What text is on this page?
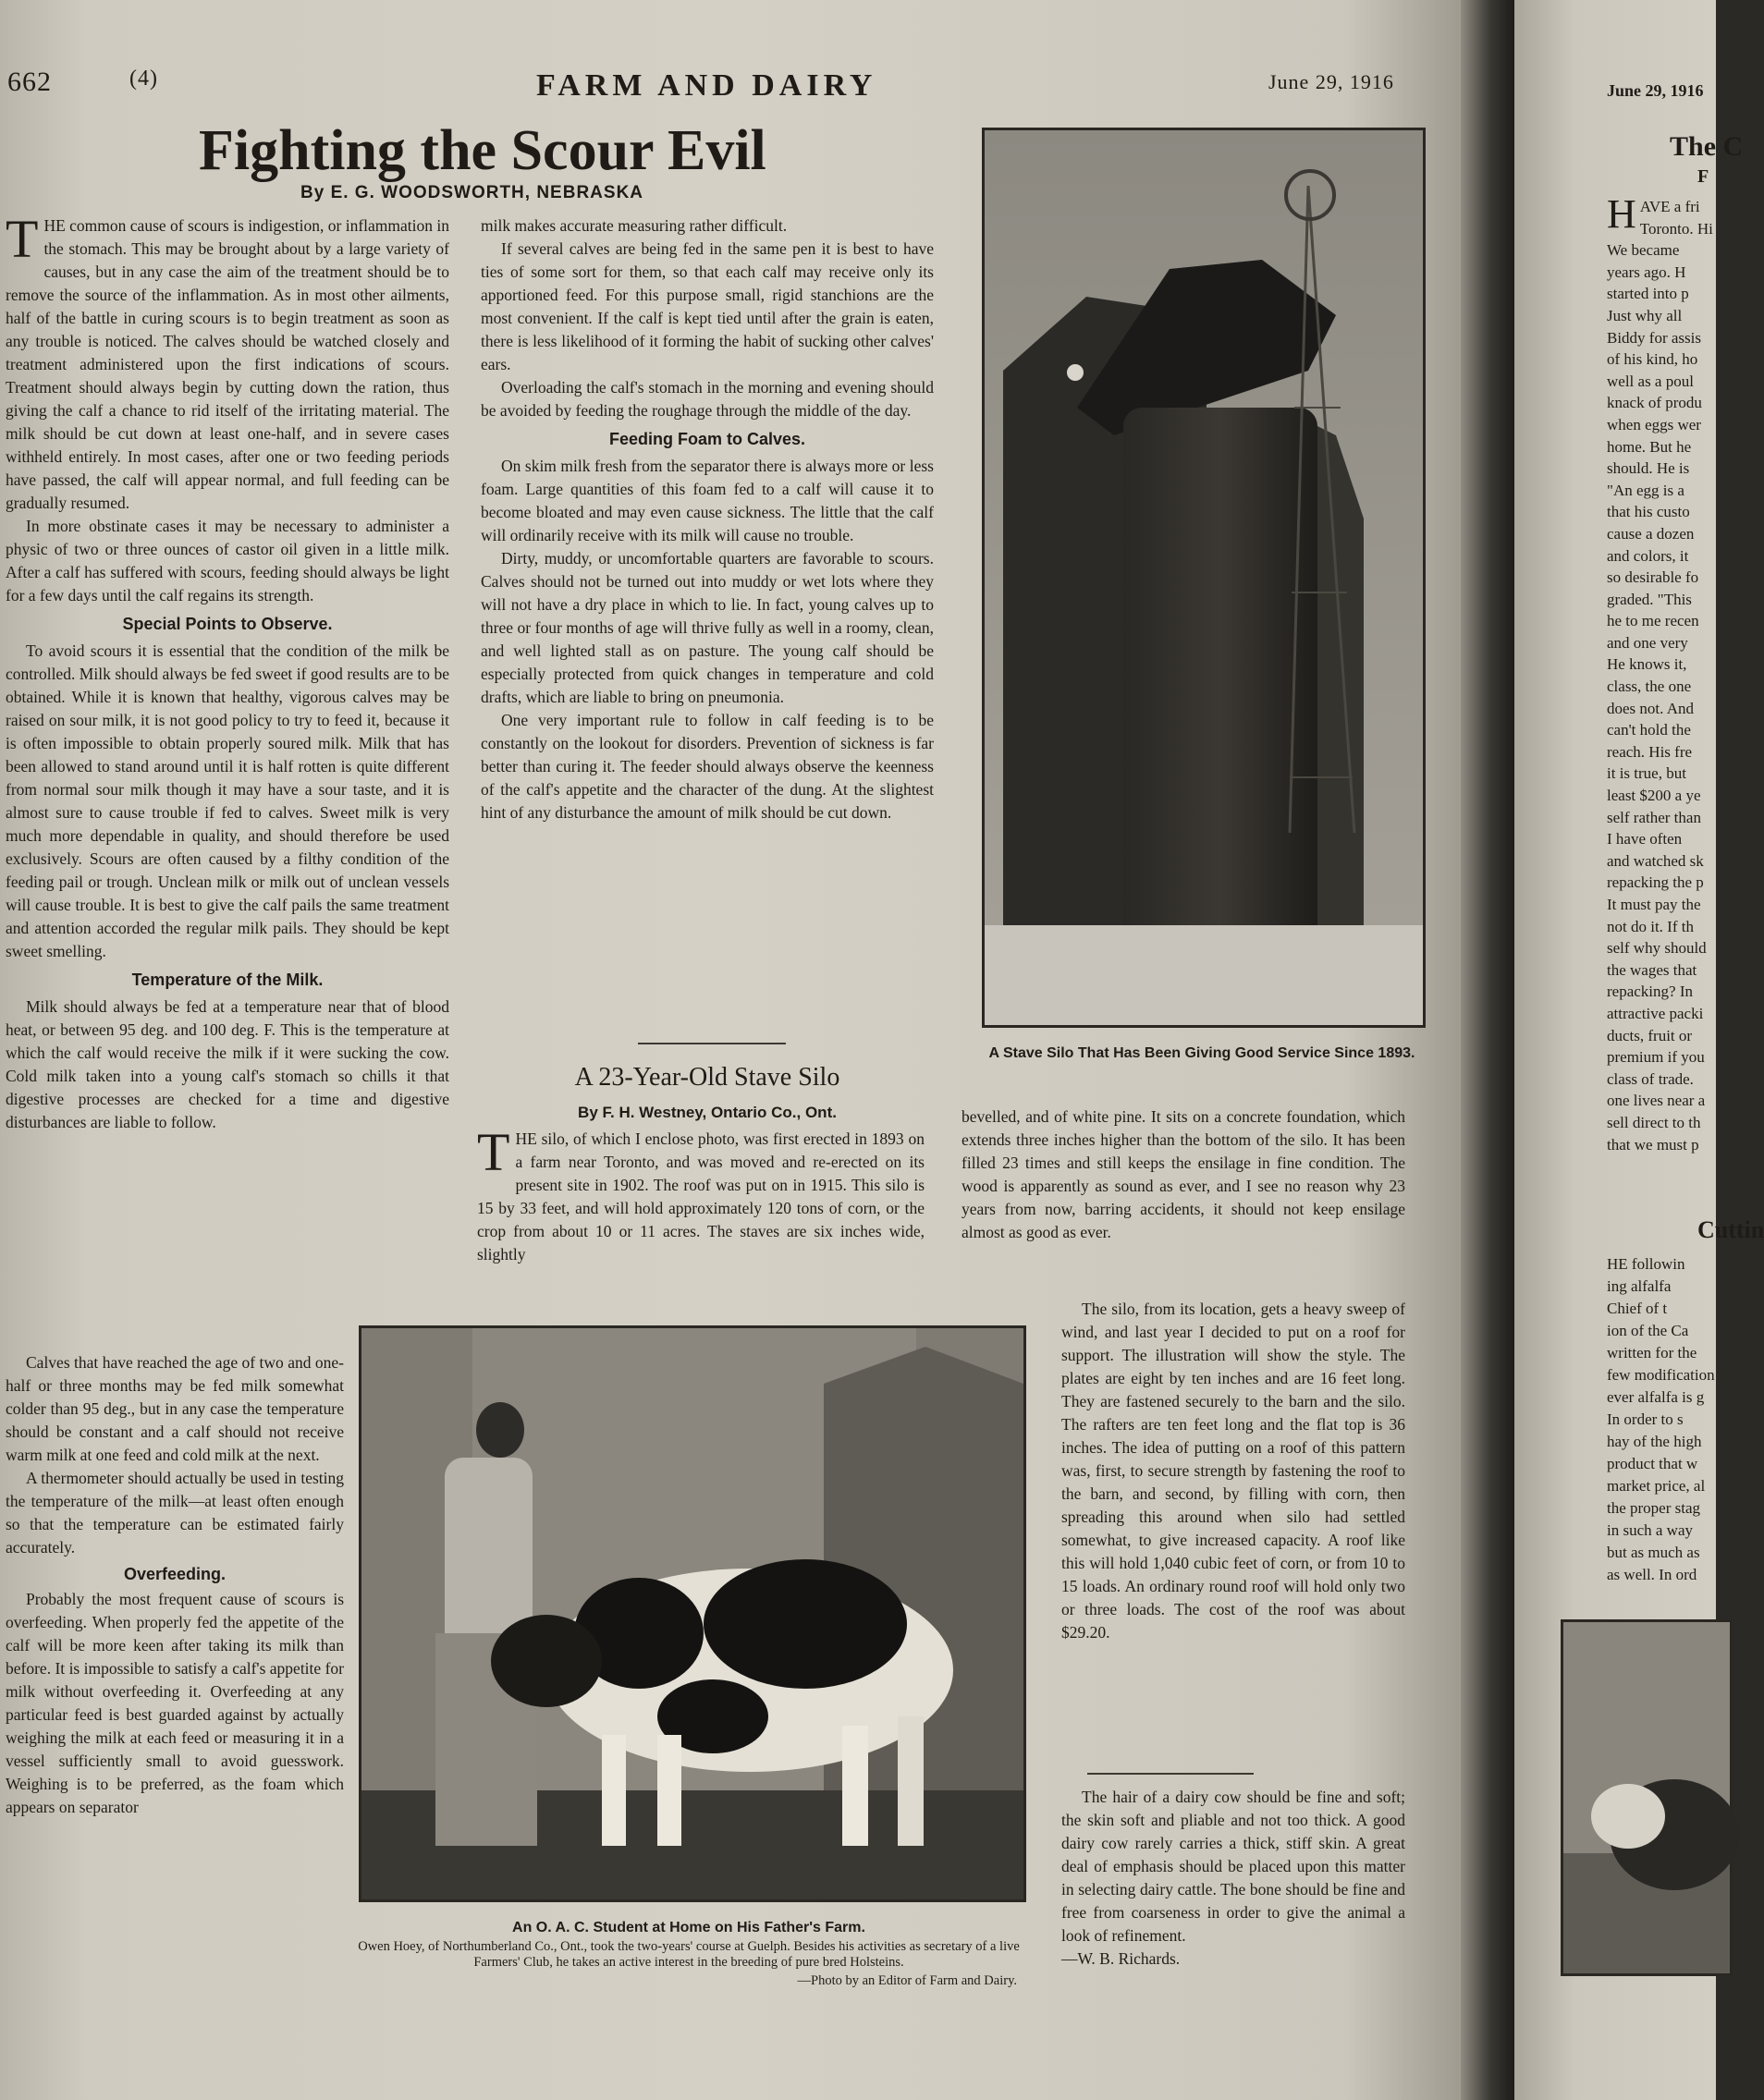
662	(4)	FARM AND DAIRY	June 29, 1916
Fighting the Scour Evil
By E. G. WOODSWORTH, NEBRASKA

THE common cause of scours is indigestion, or inflammation in the stomach. This may be brought about by a large variety of causes, but in any case the aim of the treatment should be to remove the source of the inflammation. As in most other ailments, half of the battle in curing scours is to begin treatment as soon as any trouble is noticed. The calves should be watched closely and treatment administered upon the first indications of scours. Treatment should always begin by cutting down the ration, thus giving the calf a chance to rid itself of the irritating material. The milk should be cut down at least one-half, and in severe cases withheld entirely. In most cases, after one or two feeding periods have passed, the calf will appear normal, and full feeding can be gradually resumed.

In more obstinate cases it may be necessary to administer a physic of two or three ounces of castor oil given in a little milk. After a calf has suffered with scours, feeding should always be light for a few days until the calf regains its strength.

Special Points to Observe.

To avoid scours it is essential that the condition of the milk be controlled. Milk should always be fed sweet if good results are to be obtained. While it is known that healthy, vigorous calves may be raised on sour milk, it is not good policy to try to feed it, because it is often impossible to obtain properly soured milk. Milk that has been allowed to stand around until it is half rotten is quite different from normal sour milk though it may have a sour taste, and it is almost sure to cause trouble if fed to calves. Sweet milk is very much more dependable in quality, and should therefore be used exclusively. Scours are often caused by a filthy condition of the feeding pail or trough. Unclean milk or milk out of unclean vessels will cause trouble. It is best to give the calf pails the same treatment and attention accorded the regular milk pails. They should be kept sweet smelling.

Temperature of the Milk.

Milk should always be fed at a temperature near that of blood heat, or between 95 deg. and 100 deg. F. This is the temperature at which the calf would receive the milk if it were sucking the cow. Cold milk taken into a young calf's stomach so chills it that digestive processes are checked for a time and digestive disturbances are liable to follow.

Calves that have reached the age of two and one-half or three months may be fed milk somewhat colder than 95 deg., but in any case the temperature should be constant and a calf should not receive warm milk at one feed and cold milk at the next.

A thermometer should actually be used in testing the temperature of the milk—at least often enough so that the temperature can be estimated fairly accurately.

Overfeeding.

Probably the most frequent cause of scours is overfeeding. When properly fed the appetite of the calf will be more keen after taking its milk than before. It is impossible to satisfy a calf's appetite for milk without overfeeding it. Overfeeding at any particular feed is best guarded against by actually weighing the milk at each feed or measuring it in a vessel sufficiently small to avoid guesswork. Weighing is to be preferred, as the foam which appears on separator

milk makes accurate measuring rather difficult.

If several calves are being fed in the same pen it is best to have ties of some sort for them, so that each calf may receive only its apportioned feed. For this purpose small, rigid stanchions are the most convenient. If the calf is kept tied until after the grain is eaten, there is less likelihood of it forming the habit of sucking other calves' ears.

Overloading the calf's stomach in the morning and evening should be avoided by feeding the roughage through the middle of the day.

Feeding Foam to Calves.

On skim milk fresh from the separator there is always more or less foam. Large quantities of this foam fed to a calf will cause it to become bloated and may even cause sickness. The little that the calf will ordinarily receive with its milk will cause no trouble.

Dirty, muddy, or uncomfortable quarters are favorable to scours. Calves should not be turned out into muddy or wet lots where they will not have a dry place in which to lie. In fact, young calves up to three or four months of age will thrive fully as well in a roomy, clean, and well lighted stall as on pasture. The young calf should be especially protected from quick changes in temperature and cold drafts, which are liable to bring on pneumonia.

One very important rule to follow in calf feeding is to be constantly on the lookout for disorders. Prevention of sickness is far better than curing it. The feeder should always observe the keenness of the calf's appetite and the character of the dung. At the slightest hint of any disturbance the amount of milk should be cut down.

A 23-Year-Old Stave Silo
By F. H. Westney, Ontario Co., Ont.

THE silo, of which I enclose photo, was first erected in 1893 on a farm near Toronto, and was moved and re-erected on its present site in 1902. The roof was put on in 1915. This silo is 15 by 33 feet, and will hold approximately 120 tons of corn, or the crop from about 10 or 11 acres. The staves are six inches wide, slightly

A Stave Silo That Has Been Giving Good Service Since 1893.

bevelled, and of white pine. It sits on a concrete foundation, which extends three inches higher than the bottom of the silo. It has been filled 23 times and still keeps the ensilage in fine condition. The wood is apparently as sound as ever, and I see no reason why 23 years from now, barring accidents, it should not keep ensilage almost as good as ever.

The silo, from its location, gets a heavy sweep of wind, and last year I decided to put on a roof for support. The illustration will show the style. The plates are eight by ten inches and are 16 feet long. They are fastened securely to the barn and the silo. The rafters are ten feet long and the flat top is 36 inches. The idea of putting on a roof of this pattern was, first, to secure strength by fastening the roof to the barn, and second, by filling with corn, then spreading this around when silo had settled somewhat, to give increased capacity. A roof like this will hold 1,040 cubic feet of corn, or from 10 to 15 loads. An ordinary round roof will hold only two or three loads. The cost of the roof was about $29.20.

An O. A. C. Student at Home on His Father's Farm.
Owen Hoey, of Northumberland Co., Ont., took the two-years' course at Guelph. Besides his activities as secretary of a live Farmers' Club, he takes an active interest in the breeding of pure bred Holsteins.
—Photo by an Editor of Farm and Dairy.

The hair of a dairy cow should be fine and soft; the skin soft and pliable and not too thick. A good dairy cow rarely carries a thick, stiff skin. A great deal of emphasis should be placed upon this matter in selecting dairy cattle. The bone should be fine and free from coarseness in order to give the animal a look of refinement.

—W. B. Richards.

June 29, 1916
The C
F
HAVE a fri
Toronto. Hi
We became
years ago. H
started into p
Just why all
Biddy for assis
of his kind, ho
well as a poul
knack of produ
when eggs wer
home. But he
should. He is
"An egg is a
that his custo
cause a dozen
and colors, it
so desirable fo
graded. "This
he to me recen
and one very
He knows it,
class, the one
does not. And
can't hold the
reach. His fre
it is true, but
least $200 a ye
self rather than
I have often
and watched sk
repacking the p
It must pay the
not do it. If th
self why should
the wages that
repacking? In
attractive packi
ducts, fruit or
premium if you
class of trade.
one lives near a
sell direct to th
that we must p
Cuttin
HE followin
ing alfalfa
Chief of t
ion of the Ca
written for the
few modification
ever alfalfa is g
In order to s
hay of the high
product that w
market price, al
the proper stag
in such a way
but as much as
as well. In ord
